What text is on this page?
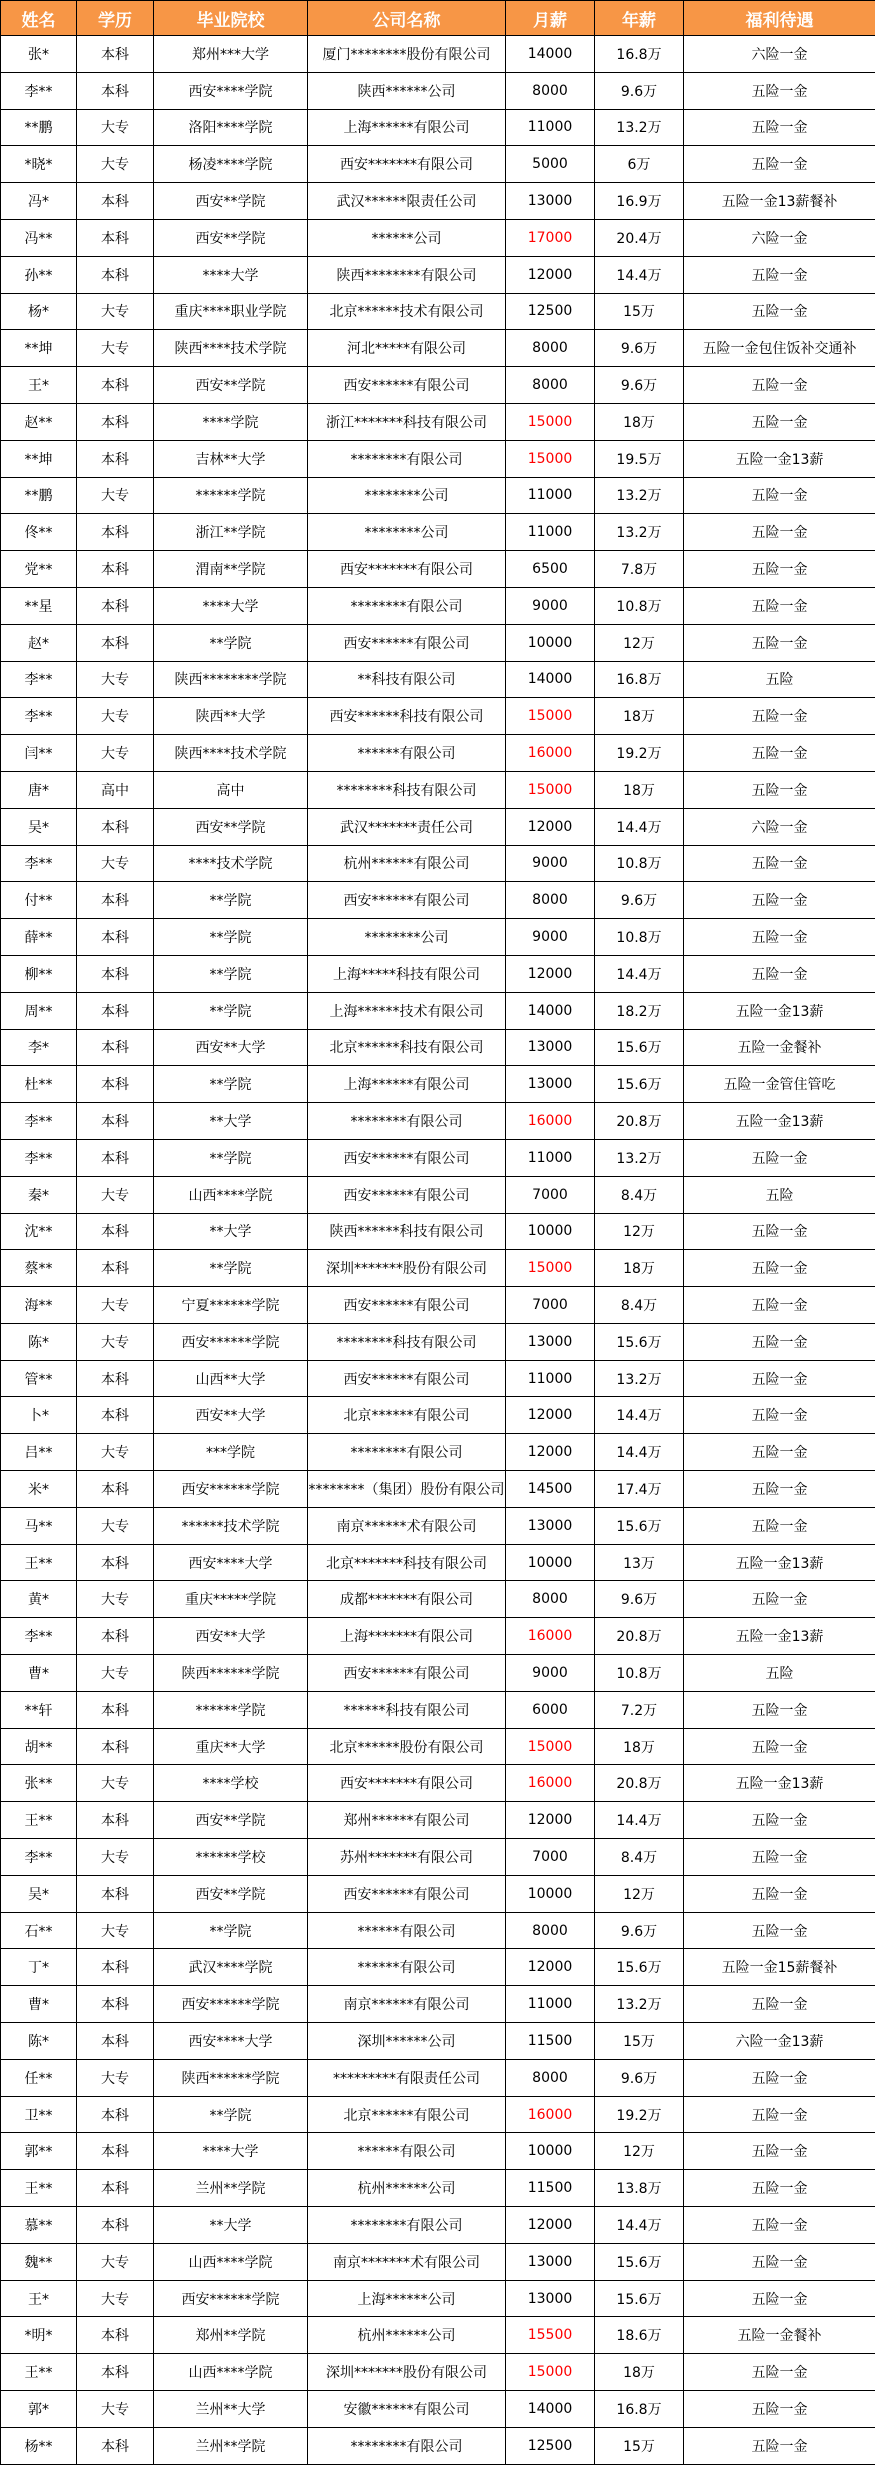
姓名	学历	毕业院校	公司名称	月薪	年薪	福利待遇
张*	本科	郑州***大学	厦门********股份有限公司	14000	16.8万	六险一金
李**	本科	西安****学院	陕西******公司	8000	9.6万	五险一金
**鹏	大专	洛阳****学院	上海******有限公司	11000	13.2万	五险一金
*晓*	大专	杨凌****学院	西安*******有限公司	5000	6万	五险一金
冯*	本科	西安**学院	武汉******限责任公司	13000	16.9万	五险一金13薪餐补
冯**	本科	西安**学院	******公司	17000	20.4万	六险一金
孙**	本科	****大学	陕西********有限公司	12000	14.4万	五险一金
杨*	大专	重庆****职业学院	北京******技术有限公司	12500	15万	五险一金
**坤	大专	陕西****技术学院	河北*****有限公司	8000	9.6万	五险一金包住饭补交通补
王*	本科	西安**学院	西安******有限公司	8000	9.6万	五险一金
赵**	本科	****学院	浙江*******科技有限公司	15000	18万	五险一金
**坤	本科	吉林**大学	********有限公司	15000	19.5万	五险一金13薪
**鹏	大专	******学院	********公司	11000	13.2万	五险一金
佟**	本科	浙江**学院	********公司	11000	13.2万	五险一金
党**	本科	渭南**学院	西安*******有限公司	6500	7.8万	五险一金
**星	本科	****大学	********有限公司	9000	10.8万	五险一金
赵*	本科	**学院	西安******有限公司	10000	12万	五险一金
李**	大专	陕西********学院	**科技有限公司	14000	16.8万	五险
李**	大专	陕西**大学	西安******科技有限公司	15000	18万	五险一金
闫**	大专	陕西****技术学院	******有限公司	16000	19.2万	五险一金
唐*	高中	高中	********科技有限公司	15000	18万	五险一金
吴*	本科	西安**学院	武汉*******责任公司	12000	14.4万	六险一金
李**	大专	****技术学院	杭州******有限公司	9000	10.8万	五险一金
付**	本科	**学院	西安******有限公司	8000	9.6万	五险一金
薛**	本科	**学院	********公司	9000	10.8万	五险一金
柳**	本科	**学院	上海*****科技有限公司	12000	14.4万	五险一金
周**	本科	**学院	上海******技术有限公司	14000	18.2万	五险一金13薪
李*	本科	西安**大学	北京******科技有限公司	13000	15.6万	五险一金餐补
杜**	本科	**学院	上海******有限公司	13000	15.6万	五险一金管住管吃
李**	本科	**大学	********有限公司	16000	20.8万	五险一金13薪
李**	本科	**学院	西安******有限公司	11000	13.2万	五险一金
秦*	大专	山西****学院	西安******有限公司	7000	8.4万	五险
沈**	本科	**大学	陕西******科技有限公司	10000	12万	五险一金
蔡**	本科	**学院	深圳*******股份有限公司	15000	18万	五险一金
海**	大专	宁夏******学院	西安******有限公司	7000	8.4万	五险一金
陈*	大专	西安******学院	********科技有限公司	13000	15.6万	五险一金
管**	本科	山西**大学	西安******有限公司	11000	13.2万	五险一金
卜*	本科	西安**大学	北京******有限公司	12000	14.4万	五险一金
吕**	大专	***学院	********有限公司	12000	14.4万	五险一金
米*	本科	西安******学院	********（集团）股份有限公司	14500	17.4万	五险一金
马**	大专	******技术学院	南京******术有限公司	13000	15.6万	五险一金
王**	本科	西安****大学	北京*******科技有限公司	10000	13万	五险一金13薪
黄*	大专	重庆*****学院	成都*******有限公司	8000	9.6万	五险一金
李**	本科	西安**大学	上海*******有限公司	16000	20.8万	五险一金13薪
曹*	大专	陕西******学院	西安******有限公司	9000	10.8万	五险
**轩	本科	******学院	******科技有限公司	6000	7.2万	五险一金
胡**	本科	重庆**大学	北京******股份有限公司	15000	18万	五险一金
张**	大专	****学校	西安*******有限公司	16000	20.8万	五险一金13薪
王**	本科	西安**学院	郑州******有限公司	12000	14.4万	五险一金
李**	大专	******学校	苏州*******有限公司	7000	8.4万	五险一金
吴*	本科	西安**学院	西安******有限公司	10000	12万	五险一金
石**	大专	**学院	******有限公司	8000	9.6万	五险一金
丁*	本科	武汉****学院	******有限公司	12000	15.6万	五险一金15薪餐补
曹*	本科	西安******学院	南京******有限公司	11000	13.2万	五险一金
陈*	本科	西安****大学	深圳******公司	11500	15万	六险一金13薪
任**	大专	陕西******学院	*********有限责任公司	8000	9.6万	五险一金
卫**	本科	**学院	北京******有限公司	16000	19.2万	五险一金
郭**	本科	****大学	******有限公司	10000	12万	五险一金
王**	本科	兰州**学院	杭州******公司	11500	13.8万	五险一金
慕**	本科	**大学	********有限公司	12000	14.4万	五险一金
魏**	大专	山西****学院	南京*******术有限公司	13000	15.6万	五险一金
王*	大专	西安******学院	上海******公司	13000	15.6万	五险一金
*明*	本科	郑州**学院	杭州******公司	15500	18.6万	五险一金餐补
王**	本科	山西****学院	深圳*******股份有限公司	15000	18万	五险一金
郭*	大专	兰州**大学	安徽******有限公司	14000	16.8万	五险一金
杨**	本科	兰州**学院	********有限公司	12500	15万	五险一金
